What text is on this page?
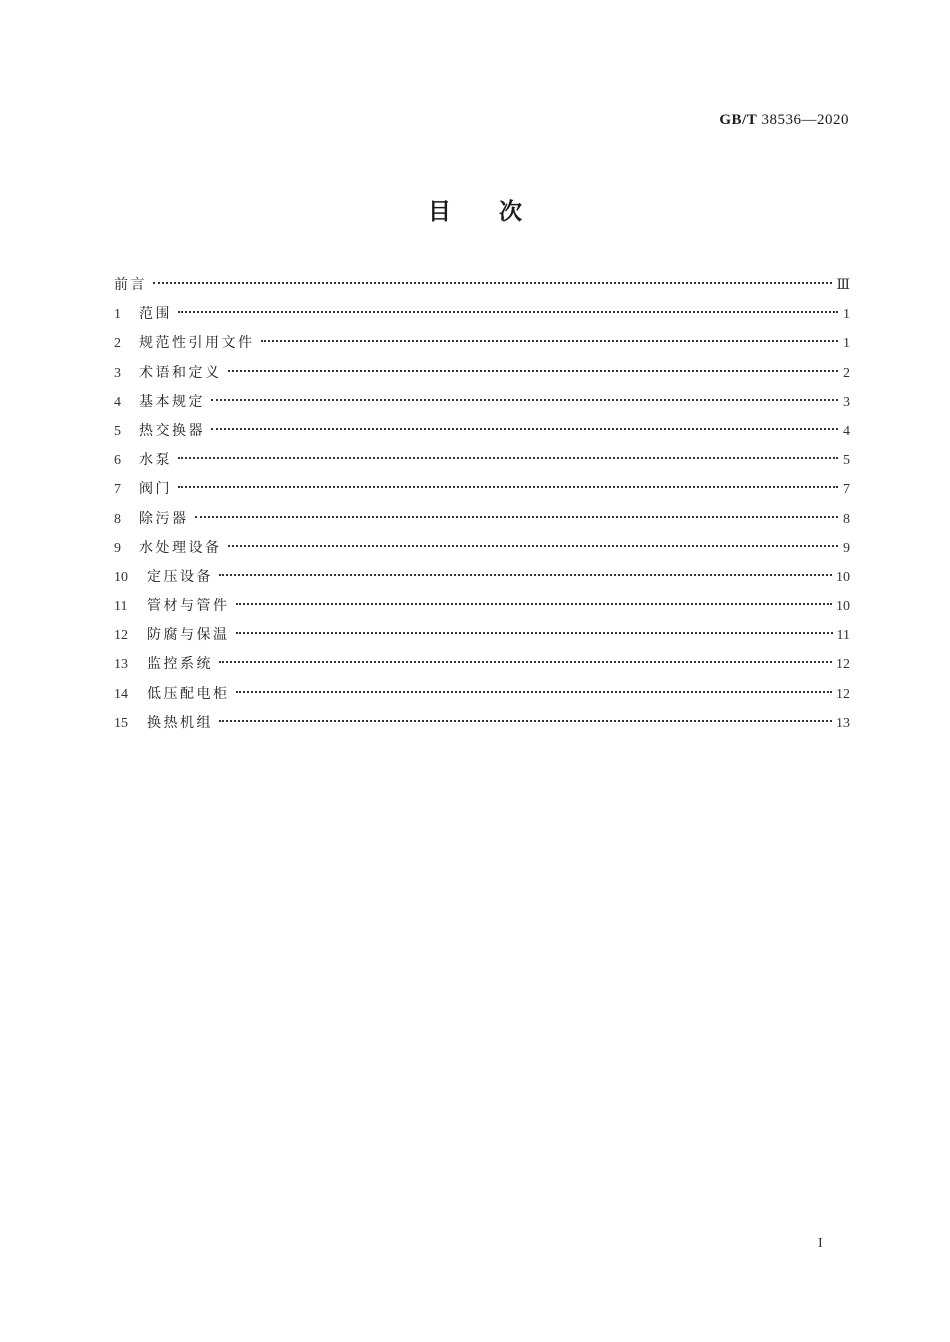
GB/T 38536—2020
目次
前言	Ⅲ
1	范围	1
2	规范性引用文件	1
3	术语和定义	2
4	基本规定	3
5	热交换器	4
6	水泵	5
7	阀门	7
8	除污器	8
9	水处理设备	9
10	定压设备	10
11	管材与管件	10
12	防腐与保温	11
13	监控系统	12
14	低压配电柜	12
15	换热机组	13
I
